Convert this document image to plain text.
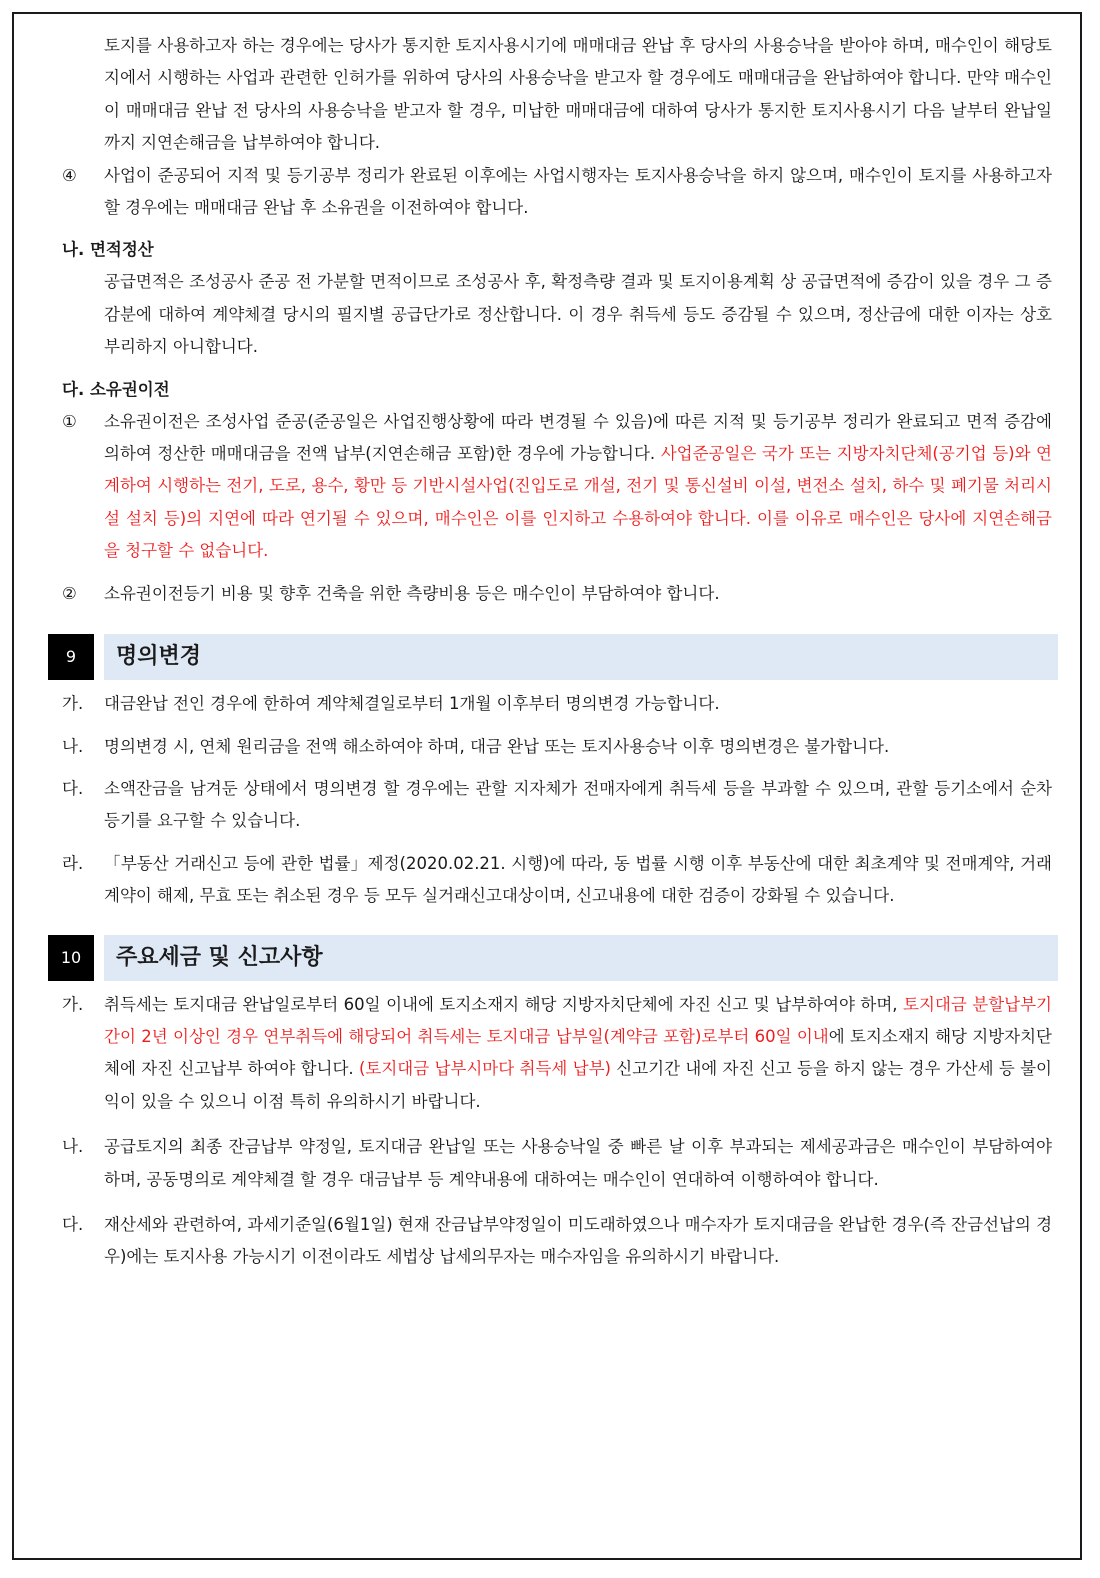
토지를 사용하고자 하는 경우에는 당사가 통지한 토지사용시기에 매매대금 완납 후 당사의 사용승낙을 받아야 하며, 매수인이 해당토지에서 시행하는 사업과 관련한 인허가를 위하여 당사의 사용승낙을 받고자 할 경우에도 매매대금을 완납하여야 합니다. 만약 매수인이 매매대금 완납 전 당사의 사용승낙을 받고자 할 경우, 미납한 매매대금에 대하여 당사가 통지한 토지사용시기 다음 날부터 완납일까지 지연손해금을 납부하여야 합니다.
④ 사업이 준공되어 지적 및 등기공부 정리가 완료된 이후에는 사업시행자는 토지사용승낙을 하지 않으며, 매수인이 토지를 사용하고자 할 경우에는 매매대금 완납 후 소유권을 이전하여야 합니다.
나. 면적정산
공급면적은 조성공사 준공 전 가분할 면적이므로 조성공사 후, 확정측량 결과 및 토지이용계획 상 공급면적에 증감이 있을 경우 그 증감분에 대하여 계약체결 당시의 필지별 공급단가로 정산합니다. 이 경우 취득세 등도 증감될 수 있으며, 정산금에 대한 이자는 상호 부리하지 아니합니다.
다. 소유권이전
① 소유권이전은 조성사업 준공(준공일은 사업진행상황에 따라 변경될 수 있음)에 따른 지적 및 등기공부 정리가 완료되고 면적 증감에 의하여 정산한 매매대금을 전액 납부(지연손해금 포함)한 경우에 가능합니다. 사업준공일은 국가 또는 지방자치단체(공기업 등)와 연계하여 시행하는 전기, 도로, 용수, 황만 등 기반시설사업(진입도로 개설, 전기 및 통신설비 이설, 변전소 설치, 하수 및 폐기물 처리시설 설치 등)의 지연에 따라 연기될 수 있으며, 매수인은 이를 인지하고 수용하여야 합니다. 이를 이유로 매수인은 당사에 지연손해금을 청구할 수 없습니다.
② 소유권이전등기 비용 및 향후 건축을 위한 측량비용 등은 매수인이 부담하여야 합니다.
9	명의변경
가. 대금완납 전인 경우에 한하여 계약체결일로부터 1개월 이후부터 명의변경 가능합니다.
나. 명의변경 시, 연체 원리금을 전액 해소하여야 하며, 대금 완납 또는 토지사용승낙 이후 명의변경은 불가합니다.
다. 소액잔금을 남겨둔 상태에서 명의변경 할 경우에는 관할 지자체가 전매자에게 취득세 등을 부과할 수 있으며, 관할 등기소에서 순차등기를 요구할 수 있습니다.
라. 「부동산 거래신고 등에 관한 법률」제정(2020.02.21. 시행)에 따라, 동 법률 시행 이후 부동산에 대한 최초계약 및 전매계약, 거래계약이 해제, 무효 또는 취소된 경우 등 모두 실거래신고대상이며, 신고내용에 대한 검증이 강화될 수 있습니다.
10	주요세금 및 신고사항
가. 취득세는 토지대금 완납일로부터 60일 이내에 토지소재지 해당 지방자치단체에 자진 신고 및 납부하여야 하며, 토지대금 분할납부기간이 2년 이상인 경우 연부취득에 해당되어 취득세는 토지대금 납부일(계약금 포함)로부터 60일 이내에 토지소재지 해당 지방자치단체에 자진 신고납부 하여야 합니다. (토지대금 납부시마다 취득세 납부) 신고기간 내에 자진 신고 등을 하지 않는 경우 가산세 등 불이익이 있을 수 있으니 이점 특히 유의하시기 바랍니다.
나. 공급토지의 최종 잔금납부 약정일, 토지대금 완납일 또는 사용승낙일 중 빠른 날 이후 부과되는 제세공과금은 매수인이 부담하여야 하며, 공동명의로 계약체결 할 경우 대금납부 등 계약내용에 대하여는 매수인이 연대하여 이행하여야 합니다.
다. 재산세와 관련하여, 과세기준일(6월1일) 현재 잔금납부약정일이 미도래하였으나 매수자가 토지대금을 완납한 경우(즉 잔금선납의 경우)에는 토지사용 가능시기 이전이라도 세법상 납세의무자는 매수자임을 유의하시기 바랍니다.
